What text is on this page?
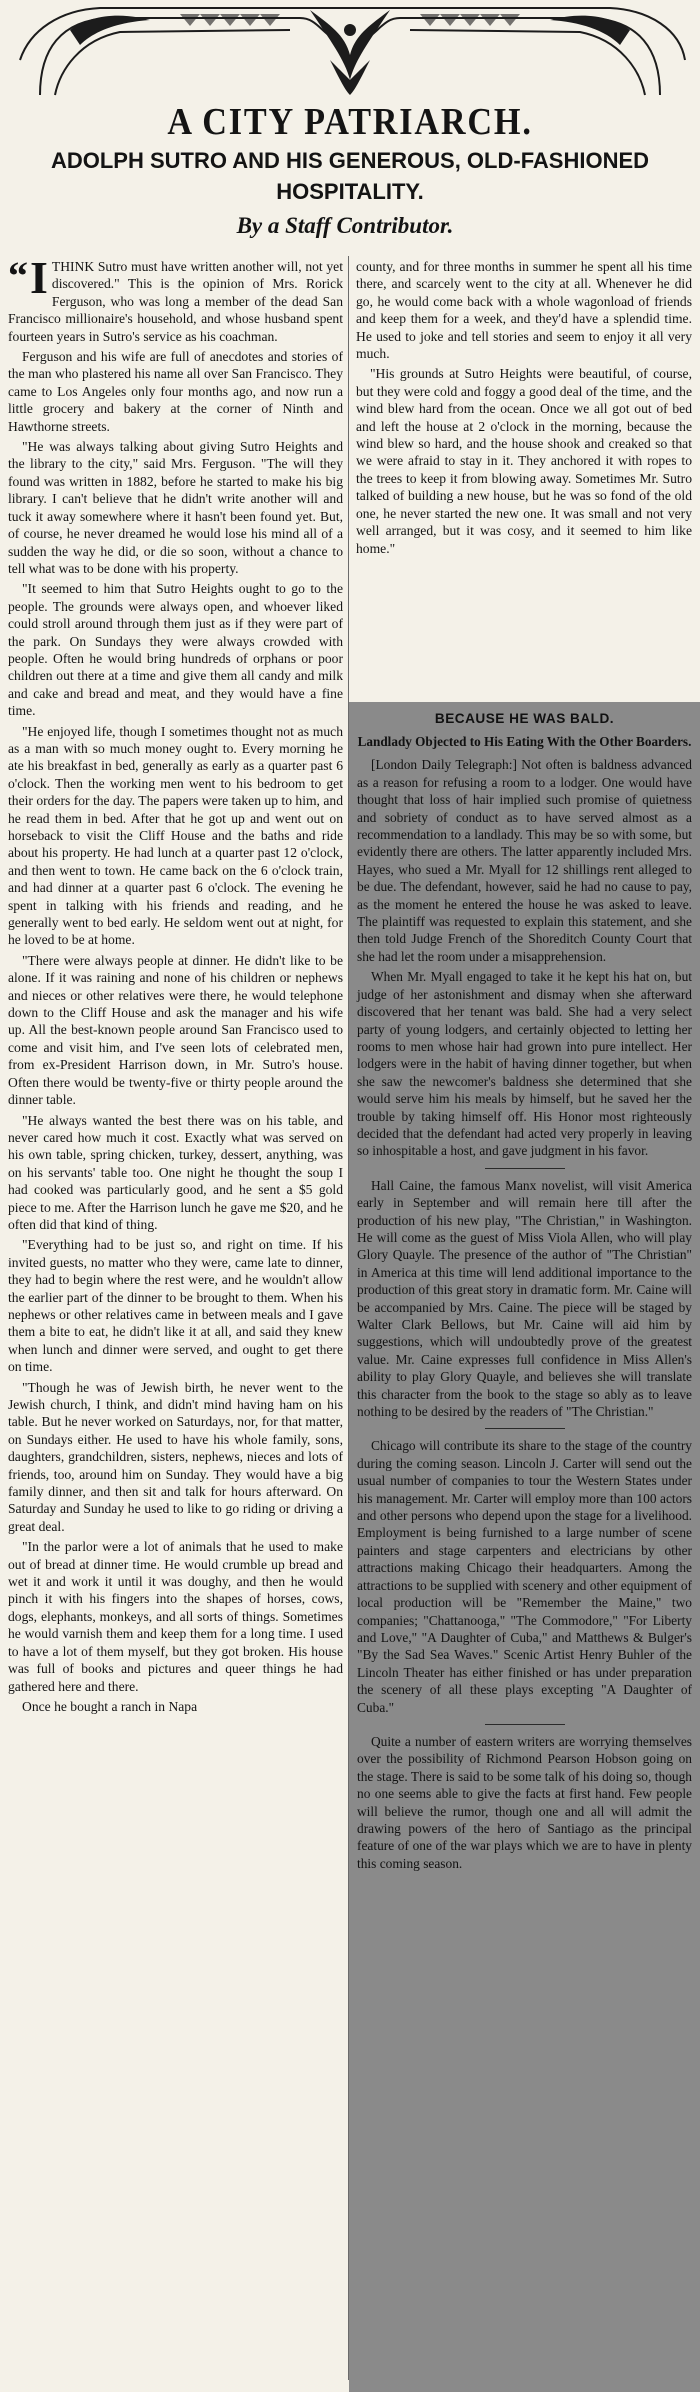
A CITY PATRIARCH.
ADOLPH SUTRO AND HIS GENEROUS, OLD-FASHIONED HOSPITALITY.
By a Staff Contributor.

“ I THINK Sutro must have written another will, not yet discovered." This is the opinion of Mrs. Rorick Ferguson, who was long a member of the dead San Francisco millionaire's household, and whose husband spent fourteen years in Sutro's service as his coachman.

Ferguson and his wife are full of anecdotes and stories of the man who plastered his name all over San Francisco. They came to Los Angeles only four months ago, and now run a little grocery and bakery at the corner of Ninth and Hawthorne streets.

"He was always talking about giving Sutro Heights and the library to the city," said Mrs. Ferguson. "The will they found was written in 1882, before he started to make his big library. I can't believe that he didn't write another will and tuck it away somewhere where it hasn't been found yet. But, of course, he never dreamed he would lose his mind all of a sudden the way he did, or die so soon, without a chance to tell what was to be done with his property.

"It seemed to him that Sutro Heights ought to go to the people. The grounds were always open, and whoever liked could stroll around through them just as if they were part of the park. On Sundays they were always crowded with people. Often he would bring hundreds of orphans or poor children out there at a time and give them all candy and milk and cake and bread and meat, and they would have a fine time.

"He enjoyed life, though I sometimes thought not as much as a man with so much money ought to. Every morning he ate his breakfast in bed, generally as early as a quarter past 6 o'clock. Then the working men went to his bedroom to get their orders for the day. The papers were taken up to him, and he read them in bed. After that he got up and went out on horseback to visit the Cliff House and the baths and ride about his property. He had lunch at a quarter past 12 o'clock, and then went to town. He came back on the 6 o'clock train, and had dinner at a quarter past 6 o'clock. The evening he spent in talking with his friends and reading, and he generally went to bed early. He seldom went out at night, for he loved to be at home.

"There were always people at dinner. He didn't like to be alone. If it was raining and none of his children or nephews and nieces or other relatives were there, he would telephone down to the Cliff House and ask the manager and his wife up. All the best-known people around San Francisco used to come and visit him, and I've seen lots of celebrated men, from ex-President Harrison down, in Mr. Sutro's house. Often there would be twenty-five or thirty people around the dinner table.

"He always wanted the best there was on his table, and never cared how much it cost. Exactly what was served on his own table, spring chicken, turkey, dessert, anything, was on his servants' table too. One night he thought the soup I had cooked was particularly good, and he sent a $5 gold piece to me. After the Harrison lunch he gave me $20, and he often did that kind of thing.

"Everything had to be just so, and right on time. If his invited guests, no matter who they were, came late to dinner, they had to begin where the rest were, and he wouldn't allow the earlier part of the dinner to be brought to them. When his nephews or other relatives came in between meals and I gave them a bite to eat, he didn't like it at all, and said they knew when lunch and dinner were served, and ought to get there on time.

"Though he was of Jewish birth, he never went to the Jewish church, I think, and didn't mind having ham on his table. But he never worked on Saturdays, nor, for that matter, on Sundays either. He used to have his whole family, sons, daughters, grandchildren, sisters, nephews, nieces and lots of friends, too, around him on Sunday. They would have a big family dinner, and then sit and talk for hours afterward. On Saturday and Sunday he used to like to go riding or driving a great deal.

"In the parlor were a lot of animals that he used to make out of bread at dinner time. He would crumble up bread and wet it and work it until it was doughy, and then he would pinch it with his fingers into the shapes of horses, cows, dogs, elephants, monkeys, and all sorts of things. Sometimes he would varnish them and keep them for a long time. I used to have a lot of them myself, but they got broken. His house was full of books and pictures and queer things he had gathered here and there.

Once he bought a ranch in Napa

county, and for three months in summer he spent all his time there, and scarcely went to the city at all. Whenever he did go, he would come back with a whole wagonload of friends and keep them for a week, and they'd have a splendid time. He used to joke and tell stories and seem to enjoy it all very much.

"His grounds at Sutro Heights were beautiful, of course, but they were cold and foggy a good deal of the time, and the wind blew hard from the ocean. Once we all got out of bed and left the house at 2 o'clock in the morning, because the wind blew so hard, and the house shook and creaked so that we were afraid to stay in it. They anchored it with ropes to the trees to keep it from blowing away. Sometimes Mr. Sutro talked of building a new house, but he was so fond of the old one, he never started the new one. It was small and not very well arranged, but it was cosy, and it seemed to him like home."

BECAUSE HE WAS BALD.
Landlady Objected to His Eating With the Other Boarders.

[London Daily Telegraph:] Not often is baldness advanced as a reason for refusing a room to a lodger. One would have thought that loss of hair implied such promise of quietness and sobriety of conduct as to have served almost as a recommendation to a landlady. This may be so with some, but evidently there are others. The latter apparently included Mrs. Hayes, who sued a Mr. Myall for 12 shillings rent alleged to be due. The defendant, however, said he had no cause to pay, as the moment he entered the house he was asked to leave. The plaintiff was requested to explain this statement, and she then told Judge French of the Shoreditch County Court that she had let the room under a misapprehension.

When Mr. Myall engaged to take it he kept his hat on, but judge of her astonishment and dismay when she afterward discovered that her tenant was bald. She had a very select party of young lodgers, and certainly objected to letting her rooms to men whose hair had grown into pure intellect. Her lodgers were in the habit of having dinner together, but when she saw the newcomer's baldness she determined that she would serve him his meals by himself, but he saved her the trouble by taking himself off. His Honor most righteously decided that the defendant had acted very properly in leaving so inhospitable a host, and gave judgment in his favor.

Hall Caine, the famous Manx novelist, will visit America early in September and will remain here till after the production of his new play, "The Christian," in Washington. He will come as the guest of Miss Viola Allen, who will play Glory Quayle. The presence of the author of "The Christian" in America at this time will lend additional importance to the production of this great story in dramatic form. Mr. Caine will be accompanied by Mrs. Caine. The piece will be staged by Walter Clark Bellows, but Mr. Caine will aid him by suggestions, which will undoubtedly prove of the greatest value. Mr. Caine expresses full confidence in Miss Allen's ability to play Glory Quayle, and believes she will translate this character from the book to the stage so ably as to leave nothing to be desired by the readers of "The Christian."

Chicago will contribute its share to the stage of the country during the coming season. Lincoln J. Carter will send out the usual number of companies to tour the Western States under his management. Mr. Carter will employ more than 100 actors and other persons who depend upon the stage for a livelihood. Employment is being furnished to a large number of scene painters and stage carpenters and electricians by other attractions making Chicago their headquarters. Among the attractions to be supplied with scenery and other equipment of local production will be "Remember the Maine," two companies; "Chattanooga," "The Commodore," "For Liberty and Love," "A Daughter of Cuba," and Matthews & Bulger's "By the Sad Sea Waves." Scenic Artist Henry Buhler of the Lincoln Theater has either finished or has under preparation the scenery of all these plays excepting "A Daughter of Cuba."

Quite a number of eastern writers are worrying themselves over the possibility of Richmond Pearson Hobson going on the stage. There is said to be some talk of his doing so, though no one seems able to give the facts at first hand. Few people will believe the rumor, though one and all will admit the drawing powers of the hero of Santiago as the principal feature of one of the war plays which we are to have in plenty this coming season.
